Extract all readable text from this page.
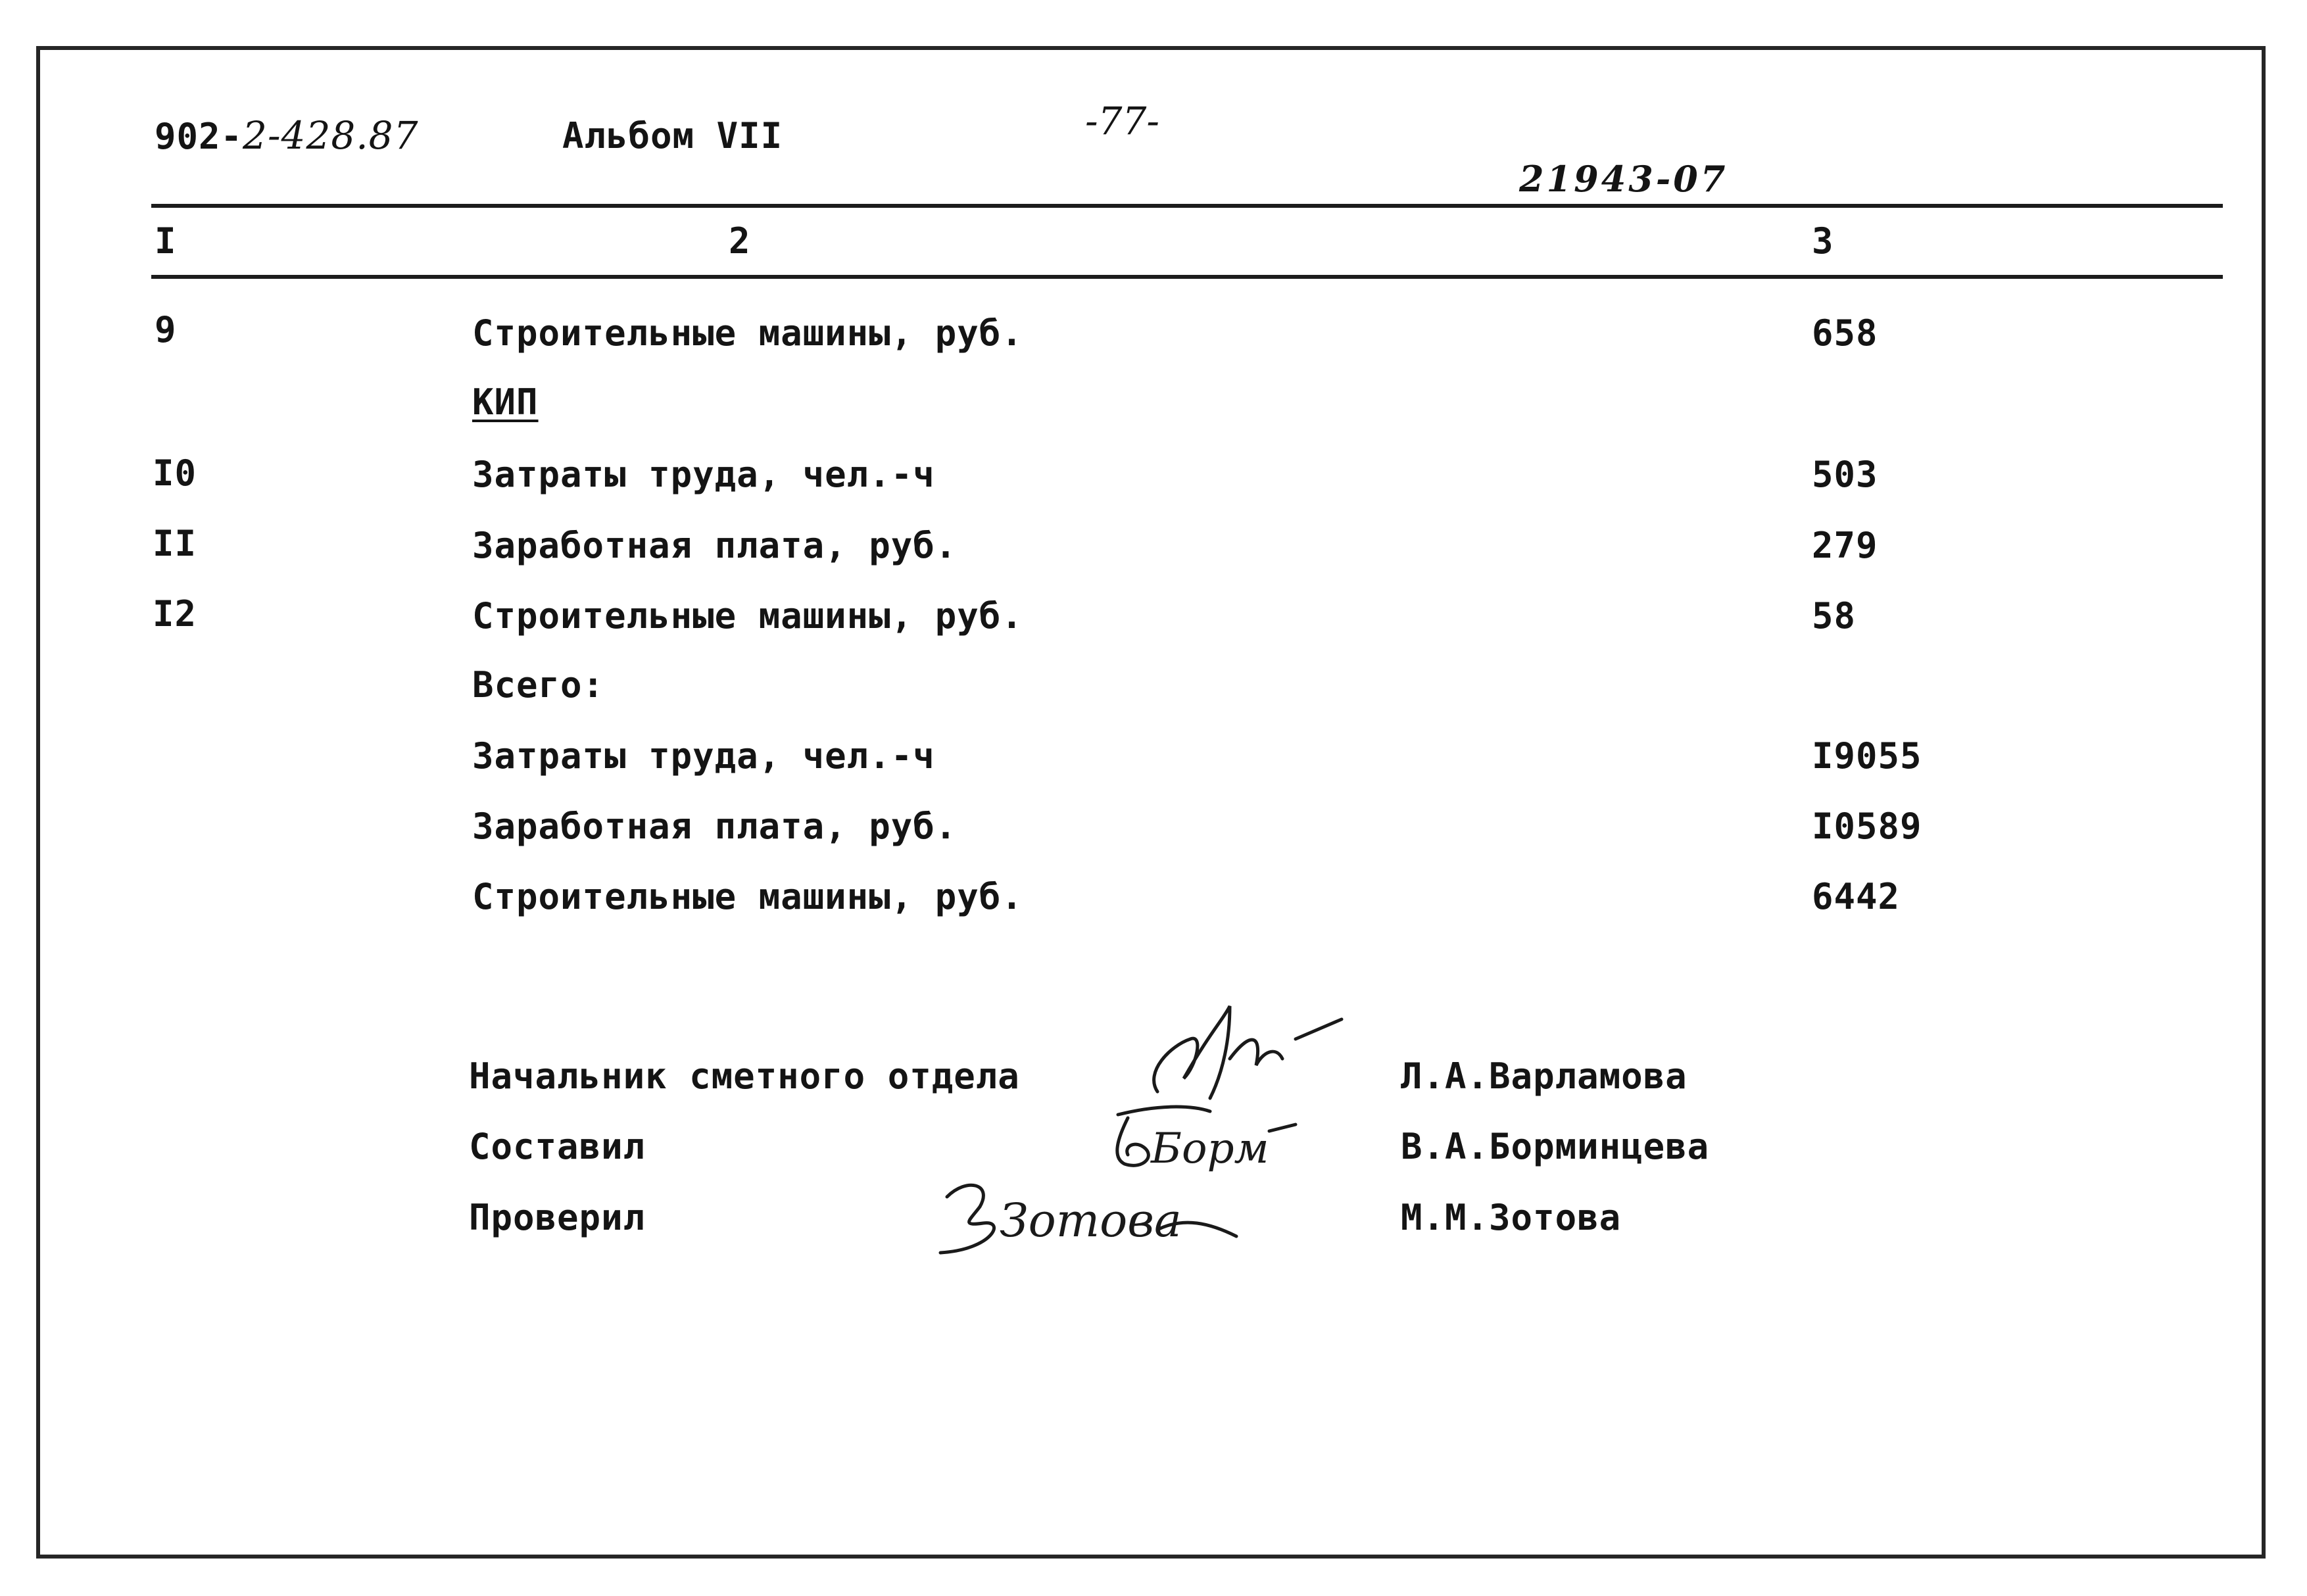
902-2-428.87	Альбом VII	-77-
21943-07
I	2	3
9	Строительные машины, руб.	658
КИП
I0	Затраты труда, чел.-ч	503
II	Заработная плата, руб.	279
I2	Строительные машины, руб.	58
Всего:
Затраты труда, чел.-ч	I9055
Заработная плата, руб.	I0589
Строительные машины, руб.	6442
Начальник сметного отдела	Л.А.Варламова
Составил	В.А.Борминцева
Проверил	М.М.Зотова
Борм
Зотова
